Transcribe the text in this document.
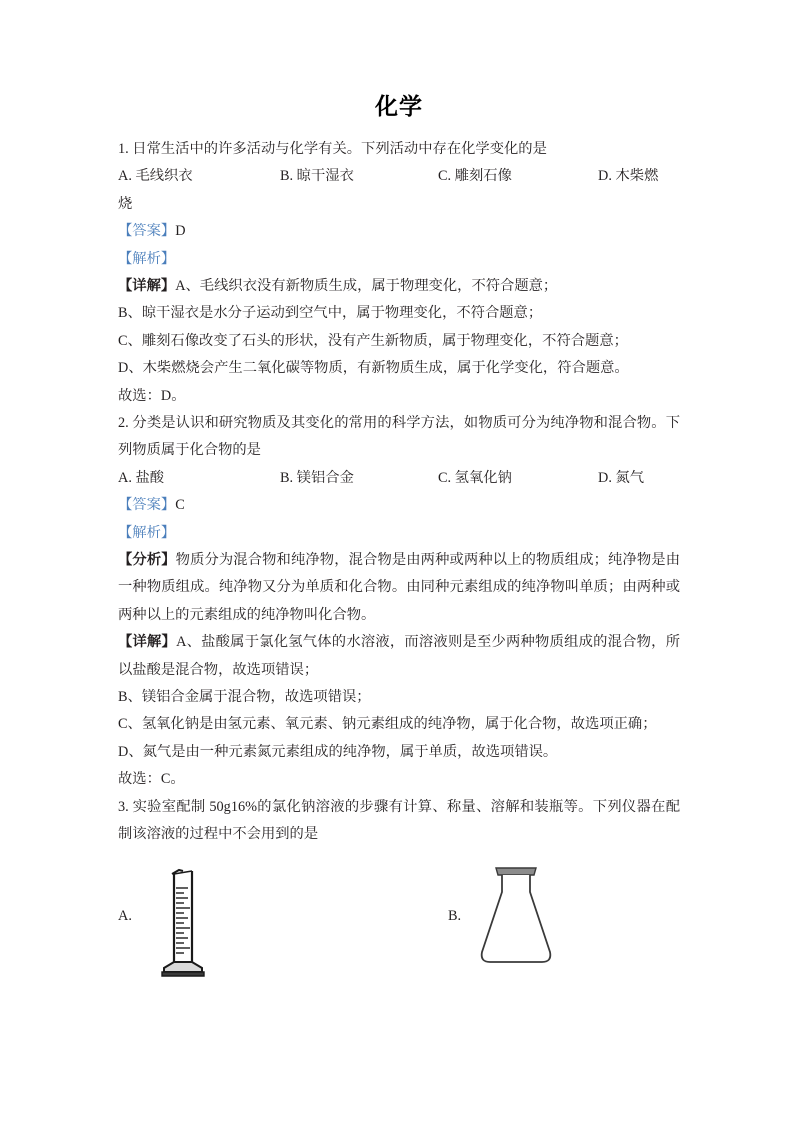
化学

1. 日常生活中的许多活动与化学有关。下列活动中存在化学变化的是

A. 毛线织衣	B. 晾干湿衣	C. 雕刻石像	D. 木柴燃
烧

【答案】D

【解析】

【详解】A、毛线织衣没有新物质生成，属于物理变化，不符合题意；

B、晾干湿衣是水分子运动到空气中，属于物理变化，不符合题意；

C、雕刻石像改变了石头的形状，没有产生新物质，属于物理变化，不符合题意；

D、木柴燃烧会产生二氧化碳等物质，有新物质生成，属于化学变化，符合题意。

故选：D。

2. 分类是认识和研究物质及其变化的常用的科学方法，如物质可分为纯净物和混合物。下列物质属于化合物的是

A. 盐酸	B. 镁铝合金	C. 氢氧化钠	D. 氮气

【答案】C

【解析】

【分析】物质分为混合物和纯净物，混合物是由两种或两种以上的物质组成；纯净物是由一种物质组成。纯净物又分为单质和化合物。由同种元素组成的纯净物叫单质；由两种或两种以上的元素组成的纯净物叫化合物。

【详解】A、盐酸属于氯化氢气体的水溶液，而溶液则是至少两种物质组成的混合物，所以盐酸是混合物，故选项错误；

B、镁铝合金属于混合物，故选项错误；

C、氢氧化钠是由氢元素、氧元素、钠元素组成的纯净物，属于化合物，故选项正确；

D、氮气是由一种元素氮元素组成的纯净物，属于单质，故选项错误。

故选：C。

3. 实验室配制 50g16%的氯化钠溶液的步骤有计算、称量、溶解和装瓶等。下列仪器在配制该溶液的过程中不会用到的是

A.	B.
